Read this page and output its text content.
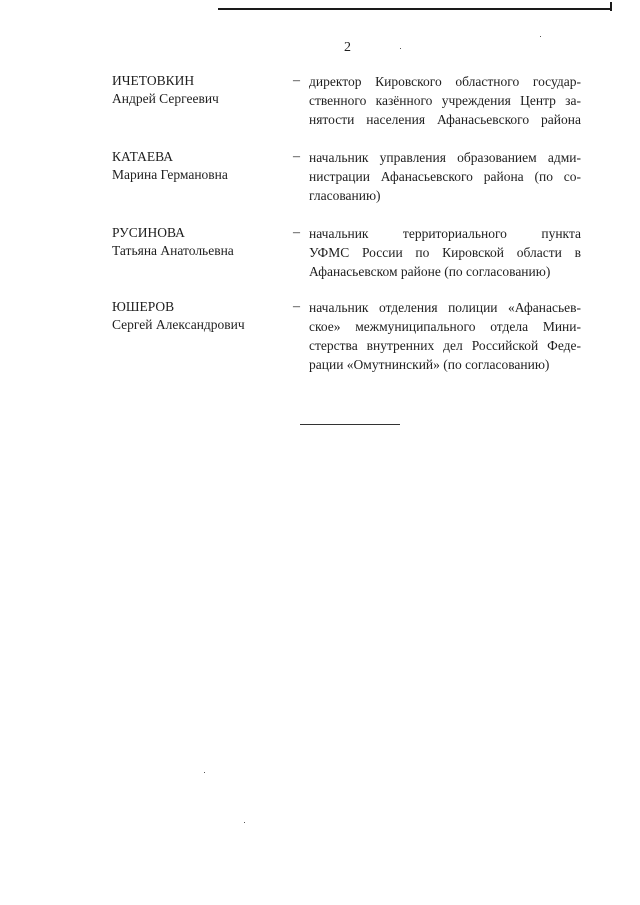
2
ИЧЕТОВКИН
Андрей Сергеевич
– директор Кировского областного государ-
ственного казённого учреждения Центр за-
нятости населения Афанасьевского района
КАТАЕВА
Марина Германовна
– начальник управления образованием адми-
нистрации Афанасьевского района (по со-
гласованию)
РУСИНОВА
Татьяна Анатольевна
– начальник территориального пункта
УФМС России по Кировской области в
Афанасьевском районе (по согласованию)
ЮШЕРОВ
Сергей Александрович
– начальник отделения полиции «Афанасьев-
ское» межмуниципального отдела Мини-
стерства внутренних дел Российской Феде-
рации «Омутнинский» (по согласованию)
